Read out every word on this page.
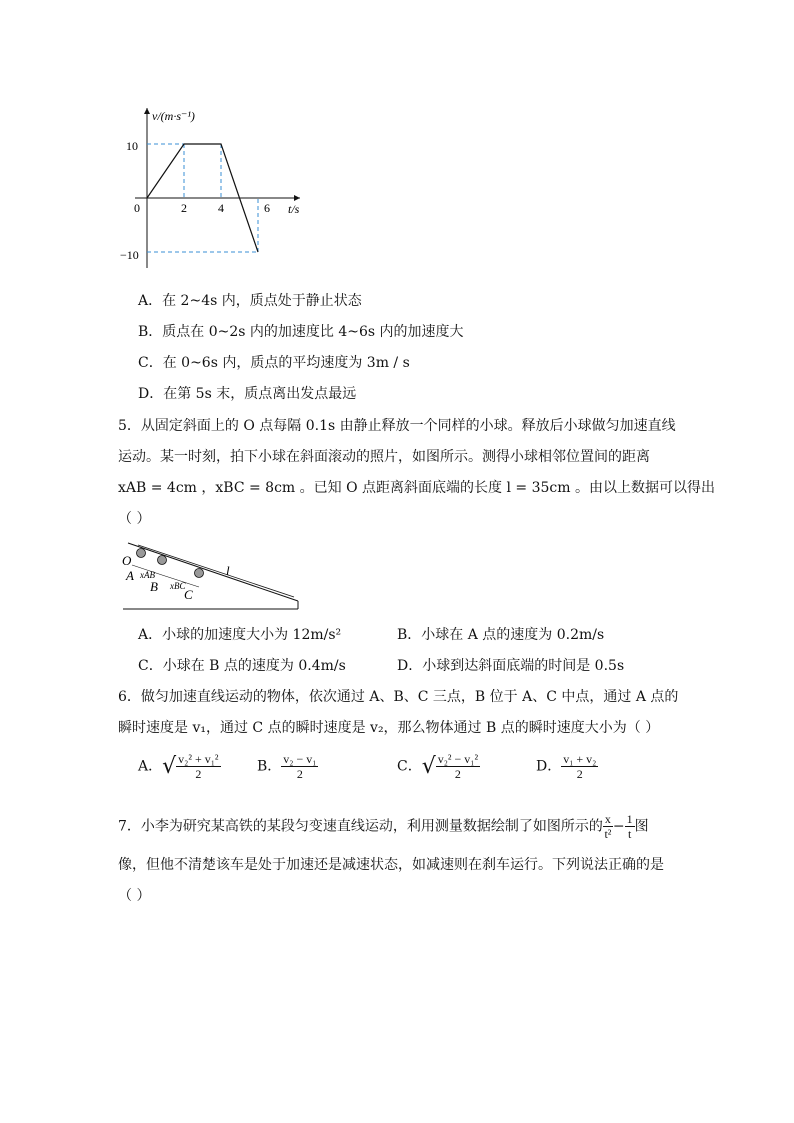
v/(m·s⁻¹)
t/s
0
10
−10
2	4	6
A．在 2~4s 内，质点处于静止状态
B．质点在 0~2s 内的加速度比 4~6s 内的加速度大
C．在 0~6s 内，质点的平均速度为 3m / s
D．在第 5s 末，质点离出发点最远
5．从固定斜面上的 O 点每隔 0.1s 由静止释放一个同样的小球。释放后小球做匀加速直线
运动。某一时刻，拍下小球在斜面滚动的照片，如图所示。测得小球相邻位置间的距离
xAB = 4cm ，xBC = 8cm 。已知 O 点距离斜面底端的长度 l = 35cm 。由以上数据可以得出
（ ）
O
A
B
C
l
xAB
xBC
A．小球的加速度大小为 12m/s²	B．小球在 A 点的速度为 0.2m/s
C．小球在 B 点的速度为 0.4m/s	D．小球到达斜面底端的时间是 0.5s
6．做匀加速直线运动的物体，依次通过 A、B、C 三点，B 位于 A、C 中点，通过 A 点的
瞬时速度是 v₁，通过 C 点的瞬时速度是 v₂，那么物体通过 B 点的瞬时速度大小为（ ）
A．√ $\frac{\text{v₂² + v₁²}}{2}$	B． $\frac{\text{v₂ − v₁}}{2}$	C．√ $\frac{\text{v₂² − v₁²}}{2}$	D． $\frac{\text{v₁ + v₂}}{2}$
7．小李为研究某高铁的某段匀变速直线运动，利用测量数据绘制了如图所示的 $\frac{x}{\text{t²}} - \frac{1}{t}$ 图
像，但他不清楚该车是处于加速还是减速状态，如减速则在刹车运行。下列说法正确的是
（ ）
